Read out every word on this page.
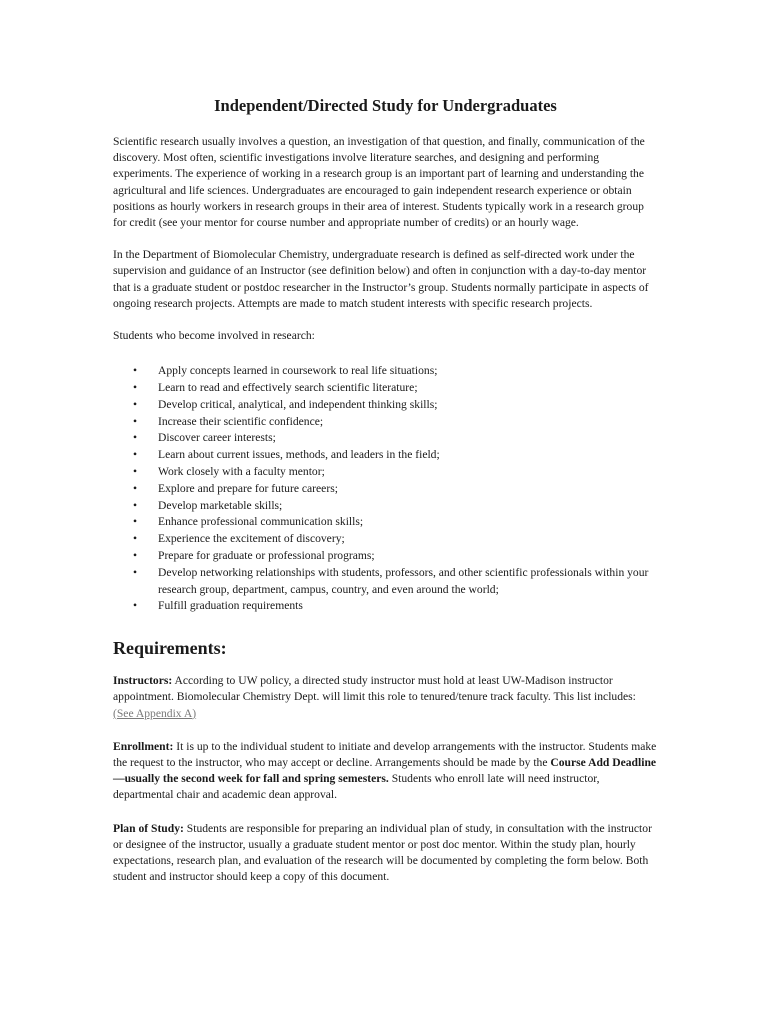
Independent/Directed Study for Undergraduates

Scientific research usually involves a question, an investigation of that question, and finally, communication of the discovery. Most often, scientific investigations involve literature searches, and designing and performing experiments. The experience of working in a research group is an important part of learning and understanding the agricultural and life sciences. Undergraduates are encouraged to gain independent research experience or obtain positions as hourly workers in research groups in their area of interest. Students typically work in a research group for credit (see your mentor for course number and appropriate number of credits) or an hourly wage.

In the Department of Biomolecular Chemistry, undergraduate research is defined as self-directed work under the supervision and guidance of an Instructor (see definition below) and often in conjunction with a day-to-day mentor that is a graduate student or postdoc researcher in the Instructor’s group. Students normally participate in aspects of ongoing research projects. Attempts are made to match student interests with specific research projects.

Students who become involved in research:

• Apply concepts learned in coursework to real life situations;
• Learn to read and effectively search scientific literature;
• Develop critical, analytical, and independent thinking skills;
• Increase their scientific confidence;
• Discover career interests;
• Learn about current issues, methods, and leaders in the field;
• Work closely with a faculty mentor;
• Explore and prepare for future careers;
• Develop marketable skills;
• Enhance professional communication skills;
• Experience the excitement of discovery;
• Prepare for graduate or professional programs;
• Develop networking relationships with students, professors, and other scientific professionals within your research group, department, campus, country, and even around the world;
• Fulfill graduation requirements
Requirements:

Instructors: According to UW policy, a directed study instructor must hold at least UW-Madison instructor appointment. Biomolecular Chemistry Dept. will limit this role to tenured/tenure track faculty. This list includes: (See Appendix A)

Enrollment: It is up to the individual student to initiate and develop arrangements with the instructor. Students make the request to the instructor, who may accept or decline. Arrangements should be made by the Course Add Deadline—usually the second week for fall and spring semesters. Students who enroll late will need instructor, departmental chair and academic dean approval.

Plan of Study: Students are responsible for preparing an individual plan of study, in consultation with the instructor or designee of the instructor, usually a graduate student mentor or post doc mentor. Within the study plan, hourly expectations, research plan, and evaluation of the research will be documented by completing the form below. Both student and instructor should keep a copy of this document.
